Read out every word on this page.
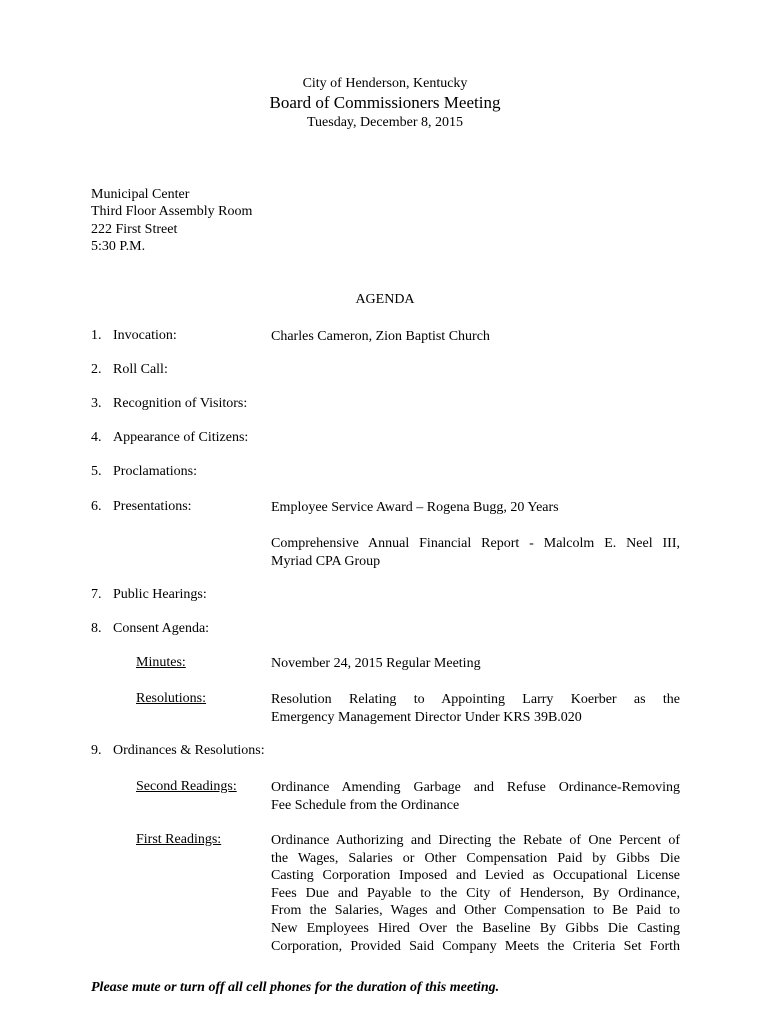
City of Henderson, Kentucky
Board of Commissioners Meeting
Tuesday, December 8, 2015
Municipal Center
Third Floor Assembly Room
222 First Street
5:30 P.M.
AGENDA
1. Invocation:	Charles Cameron, Zion Baptist Church
2. Roll Call:
3. Recognition of Visitors:
4. Appearance of Citizens:
5. Proclamations:
6. Presentations:	Employee Service Award – Rogena Bugg, 20 Years
Comprehensive Annual Financial Report - Malcolm E. Neel III,
Myriad CPA Group
7. Public Hearings:
8. Consent Agenda:
Minutes:	November 24, 2015 Regular Meeting
Resolutions:	Resolution Relating to Appointing Larry Koerber as the
Emergency Management Director Under KRS 39B.020
9. Ordinances & Resolutions:
Second Readings: Ordinance Amending Garbage and Refuse Ordinance-Removing
Fee Schedule from the Ordinance
First Readings:	Ordinance Authorizing and Directing the Rebate of One Percent of
the Wages, Salaries or Other Compensation Paid by Gibbs Die
Casting Corporation Imposed and Levied as Occupational License
Fees Due and Payable to the City of Henderson, By Ordinance,
From the Salaries, Wages and Other Compensation to Be Paid to
New Employees Hired Over the Baseline By Gibbs Die Casting
Corporation, Provided Said Company Meets the Criteria Set Forth
Please mute or turn off all cell phones for the duration of this meeting.
